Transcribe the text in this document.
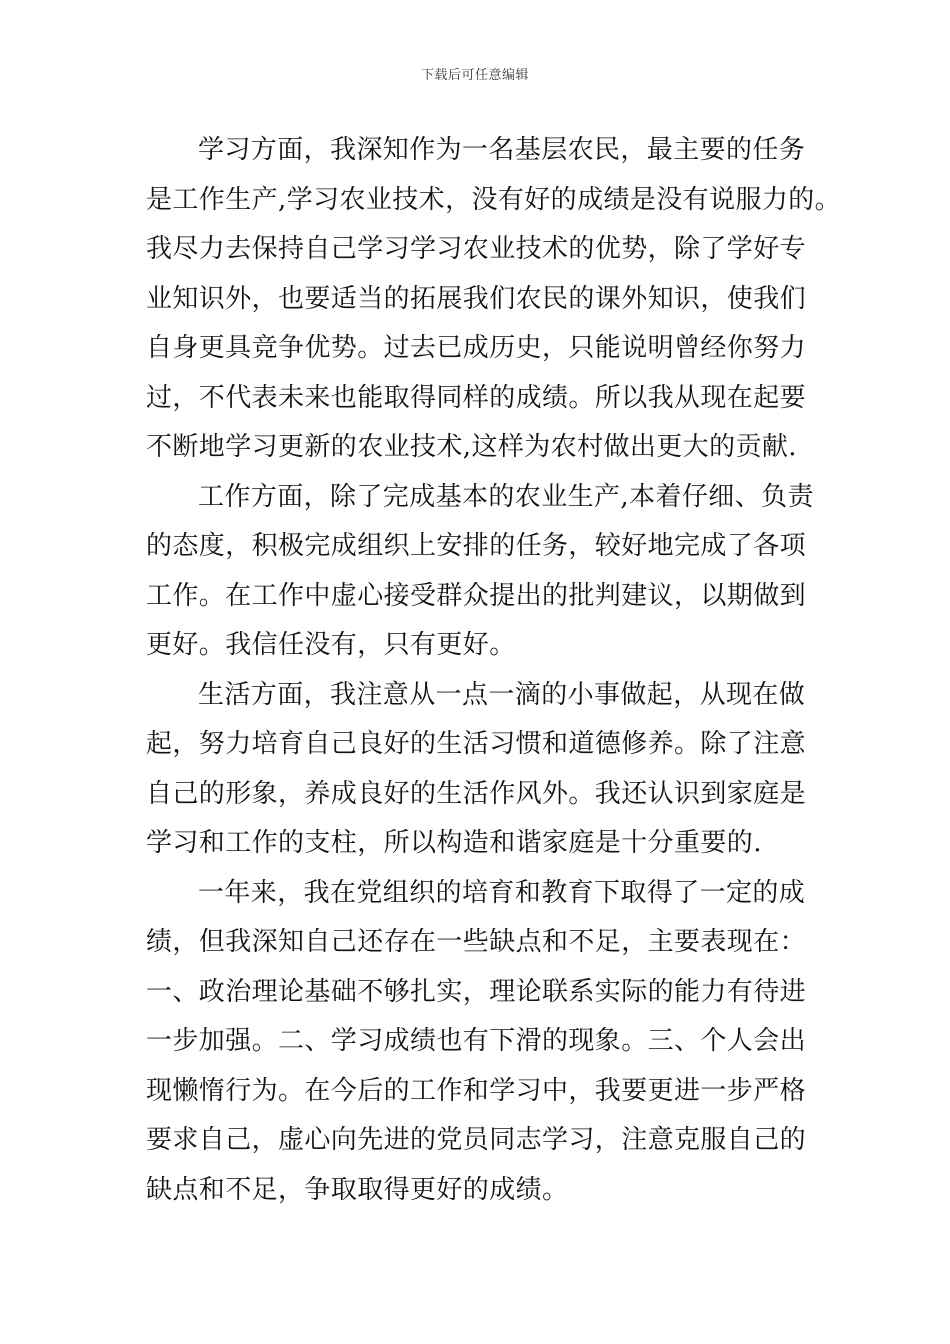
下载后可任意编辑
学习方面，我深知作为一名基层农民，最主要的任务
是工作生产,学习农业技术，没有好的成绩是没有说服力的。
我尽力去保持自己学习学习农业技术的优势，除了学好专
业知识外，也要适当的拓展我们农民的课外知识，使我们
自身更具竞争优势。过去已成历史，只能说明曾经你努力
过，不代表未来也能取得同样的成绩。所以我从现在起要
不断地学习更新的农业技术,这样为农村做出更大的贡献.
工作方面，除了完成基本的农业生产,本着仔细、负责
的态度，积极完成组织上安排的任务，较好地完成了各项
工作。在工作中虚心接受群众提出的批判建议，以期做到
更好。我信任没有，只有更好。
生活方面，我注意从一点一滴的小事做起，从现在做
起，努力培育自己良好的生活习惯和道德修养。除了注意
自己的形象，养成良好的生活作风外。我还认识到家庭是
学习和工作的支柱，所以构造和谐家庭是十分重要的.
一年来，我在党组织的培育和教育下取得了一定的成
绩，但我深知自己还存在一些缺点和不足，主要表现在：
一、政治理论基础不够扎实，理论联系实际的能力有待进
一步加强。二、学习成绩也有下滑的现象。三、个人会出
现懒惰行为。在今后的工作和学习中，我要更进一步严格
要求自己，虚心向先进的党员同志学习，注意克服自己的
缺点和不足，争取取得更好的成绩。
